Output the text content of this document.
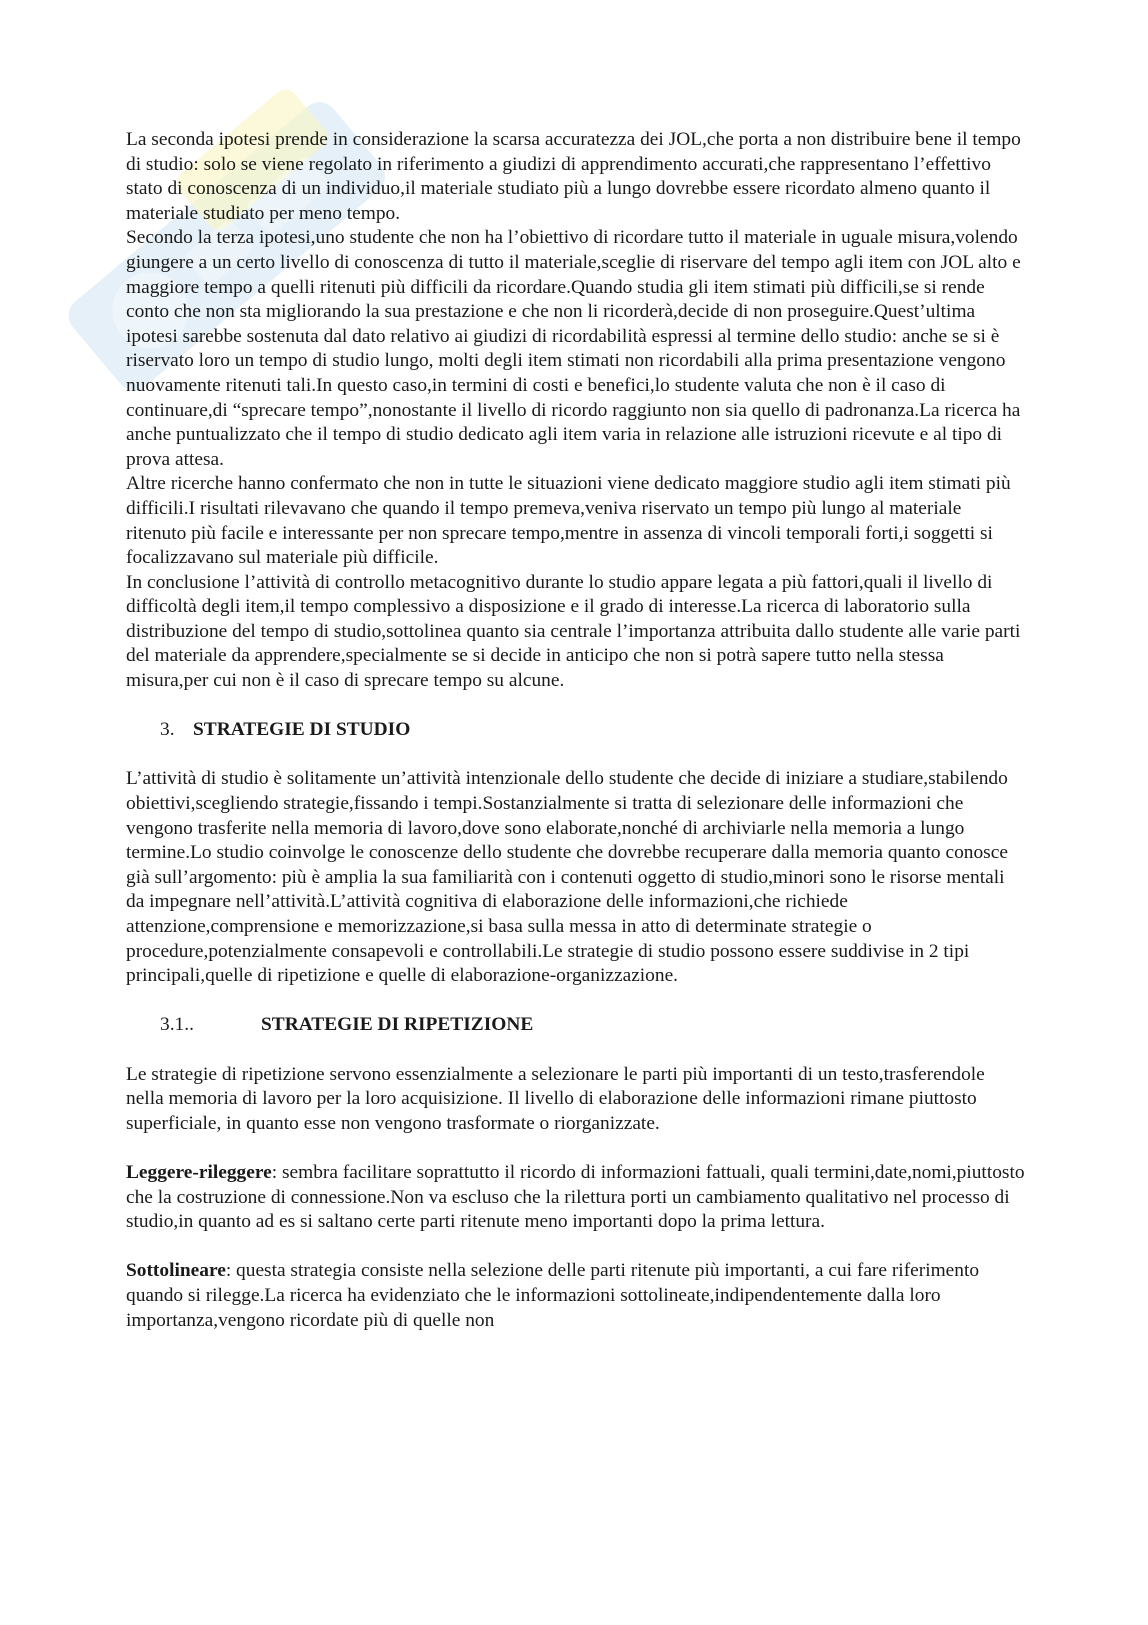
La seconda ipotesi prende in considerazione la scarsa accuratezza dei JOL,che porta a non distribuire bene il tempo di studio: solo se viene regolato in riferimento a giudizi di apprendimento accurati,che rappresentano l’effettivo stato di conoscenza di un individuo,il materiale studiato più a lungo dovrebbe essere ricordato almeno quanto il materiale studiato per meno tempo.

Secondo la terza ipotesi,uno studente che non ha l’obiettivo di ricordare tutto il materiale in uguale misura,volendo giungere a un certo livello di conoscenza di tutto il materiale,sceglie di riservare del tempo agli item con JOL alto e maggiore tempo a quelli ritenuti più difficili da ricordare.Quando studia gli item stimati più difficili,se si rende conto che non sta migliorando la sua prestazione e che non li ricorderà,decide di non proseguire.Quest’ultima ipotesi sarebbe sostenuta dal dato relativo ai giudizi di ricordabilità espressi al termine dello studio: anche se si è riservato loro un tempo di studio lungo, molti degli item stimati non ricordabili alla prima presentazione vengono nuovamente ritenuti tali.In questo caso,in termini di costi e benefici,lo studente valuta che non è il caso di continuare,di “sprecare tempo”,nonostante il livello di ricordo raggiunto non sia quello di padronanza.La ricerca ha anche puntualizzato che il tempo di studio dedicato agli item varia in relazione alle istruzioni ricevute e al tipo di prova attesa.

Altre ricerche hanno confermato che non in tutte le situazioni viene dedicato maggiore studio agli item stimati più difficili.I risultati rilevavano che quando il tempo premeva,veniva riservato un tempo più lungo al materiale ritenuto più facile e interessante per non sprecare tempo,mentre in assenza di vincoli temporali forti,i soggetti si focalizzavano sul materiale più difficile.

In conclusione l’attività di controllo metacognitivo durante lo studio appare legata a più fattori,quali il livello di difficoltà degli item,il tempo complessivo a disposizione e il grado di interesse.La ricerca di laboratorio sulla distribuzione del tempo di studio,sottolinea quanto sia centrale l’importanza attribuita dallo studente alle varie parti del materiale da apprendere,specialmente se si decide in anticipo che non si potrà sapere tutto nella stessa misura,per cui non è il caso di sprecare tempo su alcune.

3. STRATEGIE DI STUDIO

L’attività di studio è solitamente un’attività intenzionale dello studente che decide di iniziare a studiare,stabilendo obiettivi,scegliendo strategie,fissando i tempi.Sostanzialmente si tratta di selezionare delle informazioni che vengono trasferite nella memoria di lavoro,dove sono elaborate,nonché di archiviarle nella memoria a lungo termine.Lo studio coinvolge le conoscenze dello studente che dovrebbe recuperare dalla memoria quanto conosce già sull’argomento: più è amplia la sua familiarità con i contenuti oggetto di studio,minori sono le risorse mentali da impegnare nell’attività.L’attività cognitiva di elaborazione delle informazioni,che richiede attenzione,comprensione e memorizzazione,si basa sulla messa in atto di determinate strategie o procedure,potenzialmente consapevoli e controllabili.Le strategie di studio possono essere suddivise in 2 tipi principali,quelle di ripetizione e quelle di elaborazione-organizzazione.

3.1..	STRATEGIE DI RIPETIZIONE

Le strategie di ripetizione servono essenzialmente a selezionare le parti più importanti di un testo,trasferendole nella memoria di lavoro per la loro acquisizione. Il livello di elaborazione delle informazioni rimane piuttosto superficiale, in quanto esse non vengono trasformate o riorganizzate.

Leggere-rileggere: sembra facilitare soprattutto il ricordo di informazioni fattuali, quali termini,date,nomi,piuttosto che la costruzione di connessione.Non va escluso che la rilettura porti un cambiamento qualitativo nel processo di studio,in quanto ad es si saltano certe parti ritenute meno importanti dopo la prima lettura.

Sottolineare: questa strategia consiste nella selezione delle parti ritenute più importanti, a cui fare riferimento quando si rilegge.La ricerca ha evidenziato che le informazioni sottolineate,indipendentemente dalla loro importanza,vengono ricordate più di quelle non
